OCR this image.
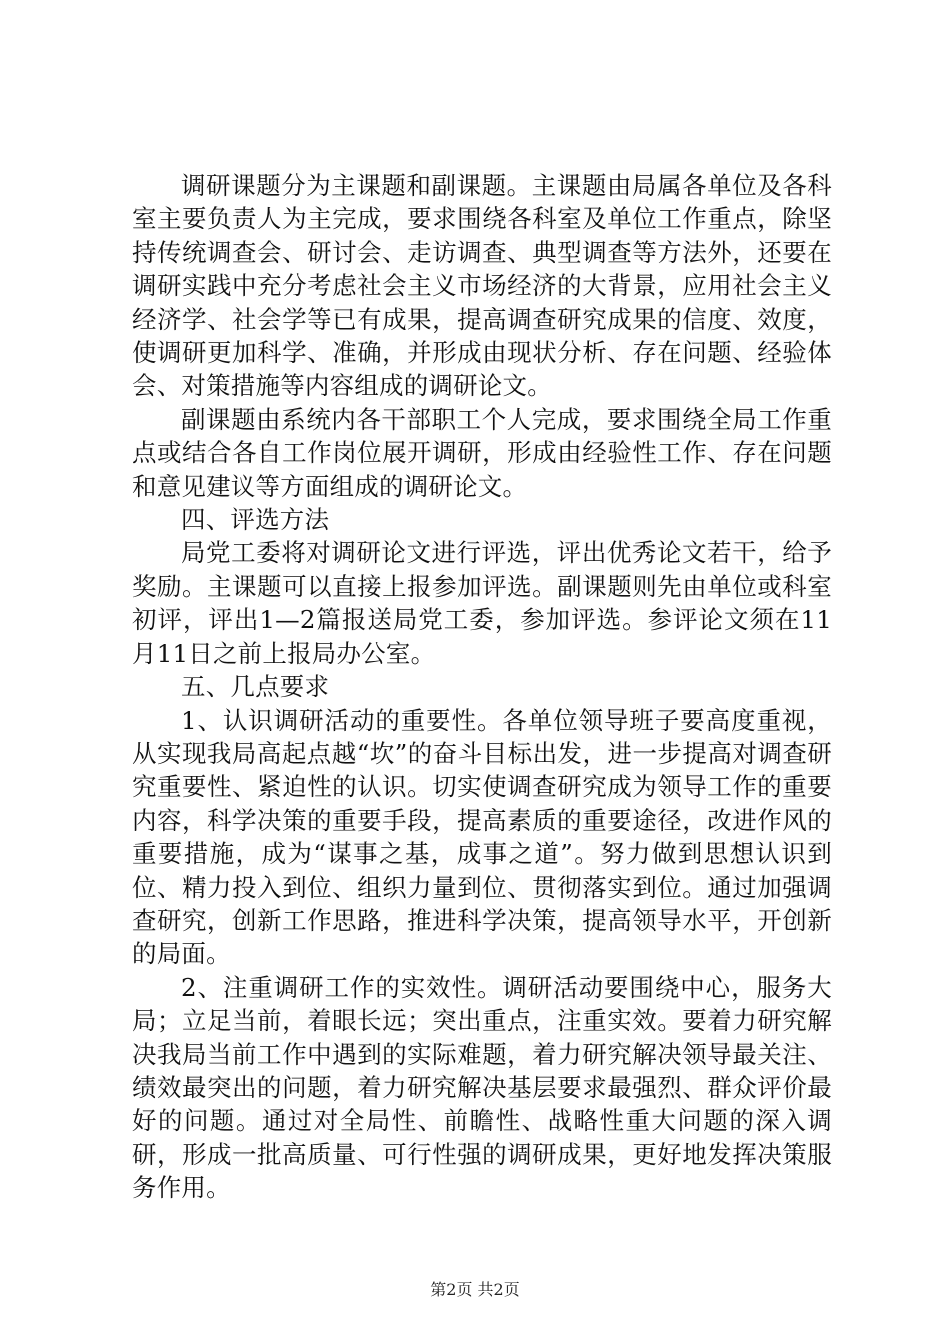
调研课题分为主课题和副课题。主课题由局属各单位及各科室主要负责人为主完成，要求围绕各科室及单位工作重点，除坚持传统调查会、研讨会、走访调查、典型调查等方法外，还要在调研实践中充分考虑社会主义市场经济的大背景，应用社会主义经济学、社会学等已有成果，提高调查研究成果的信度、效度，使调研更加科学、准确，并形成由现状分析、存在问题、经验体会、对策措施等内容组成的调研论文。

副课题由系统内各干部职工个人完成，要求围绕全局工作重点或结合各自工作岗位展开调研，形成由经验性工作、存在问题和意见建议等方面组成的调研论文。

四、评选方法

局党工委将对调研论文进行评选，评出优秀论文若干，给予奖励。主课题可以直接上报参加评选。副课题则先由单位或科室初评，评出1—2篇报送局党工委，参加评选。参评论文须在11月11日之前上报局办公室。

五、几点要求

1、认识调研活动的重要性。各单位领导班子要高度重视，从实现我局高起点越“坎”的奋斗目标出发，进一步提高对调查研究重要性、紧迫性的认识。切实使调查研究成为领导工作的重要内容，科学决策的重要手段，提高素质的重要途径，改进作风的重要措施，成为“谋事之基，成事之道”。努力做到思想认识到位、精力投入到位、组织力量到位、贯彻落实到位。通过加强调查研究，创新工作思路，推进科学决策，提高领导水平，开创新的局面。

2、注重调研工作的实效性。调研活动要围绕中心，服务大局；立足当前，着眼长远；突出重点，注重实效。要着力研究解决我局当前工作中遇到的实际难题，着力研究解决领导最关注、绩效最突出的问题，着力研究解决基层要求最强烈、群众评价最好的问题。通过对全局性、前瞻性、战略性重大问题的深入调研，形成一批高质量、可行性强的调研成果，更好地发挥决策服务作用。

第2页 共2页
